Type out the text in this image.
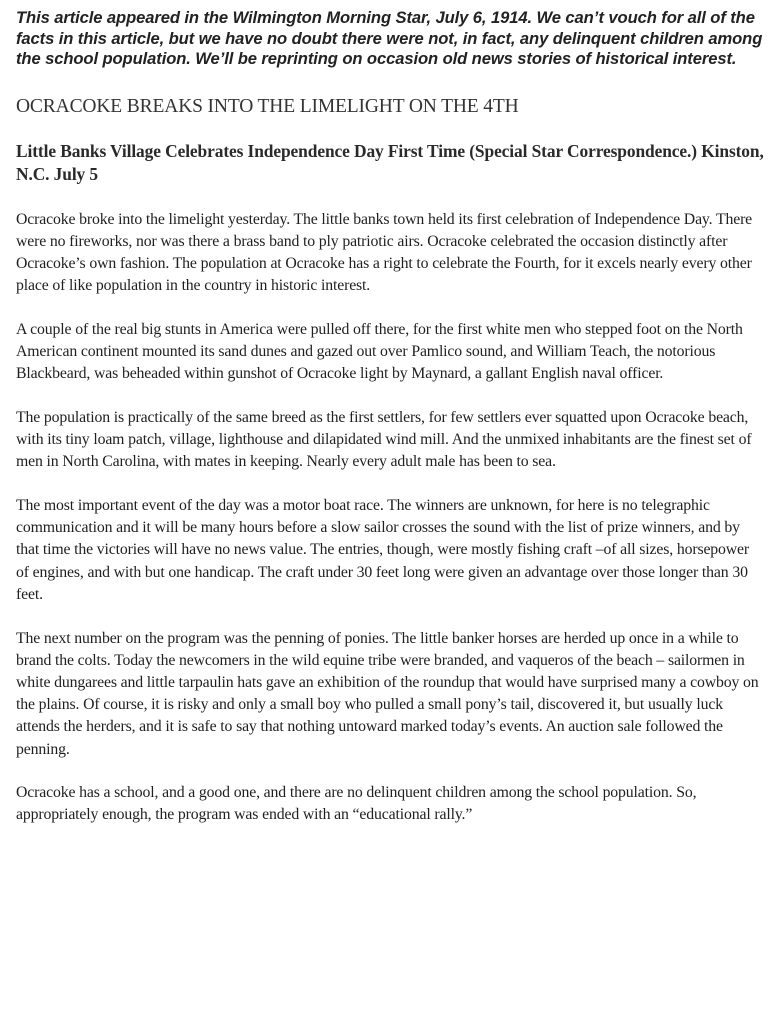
This article appeared in the Wilmington Morning Star, July 6, 1914. We can’t vouch for all of the facts in this article, but we have no doubt there were not, in fact, any delinquent children among the school population. We’ll be reprinting on occasion old news stories of historical interest.

OCRACOKE BREAKS INTO THE LIMELIGHT ON THE 4TH
Little Banks Village Celebrates Independence Day First Time (Special Star Correspondence.) Kinston, N.C. July 5

Ocracoke broke into the limelight yesterday. The little banks town held its first celebration of Independence Day. There were no fireworks, nor was there a brass band to ply patriotic airs. Ocracoke celebrated the occasion distinctly after Ocracoke’s own fashion. The population at Ocracoke has a right to celebrate the Fourth, for it excels nearly every other place of like population in the country in historic interest.

A couple of the real big stunts in America were pulled off there, for the first white men who stepped foot on the North American continent mounted its sand dunes and gazed out over Pamlico sound, and William Teach, the notorious Blackbeard, was beheaded within gunshot of Ocracoke light by Maynard, a gallant English naval officer.

The population is practically of the same breed as the first settlers, for few settlers ever squatted upon Ocracoke beach, with its tiny loam patch, village, lighthouse and dilapidated wind mill. And the unmixed inhabitants are the finest set of men in North Carolina, with mates in keeping. Nearly every adult male has been to sea.

The most important event of the day was a motor boat race. The winners are unknown, for here is no telegraphic communication and it will be many hours before a slow sailor crosses the sound with the list of prize winners, and by that time the victories will have no news value. The entries, though, were mostly fishing craft –of all sizes, horsepower of engines, and with but one handicap. The craft under 30 feet long were given an advantage over those longer than 30 feet.

The next number on the program was the penning of ponies. The little banker horses are herded up once in a while to brand the colts. Today the newcomers in the wild equine tribe were branded, and vaqueros of the beach – sailormen in white dungarees and little tarpaulin hats gave an exhibition of the roundup that would have surprised many a cowboy on the plains. Of course, it is risky and only a small boy who pulled a small pony’s tail, discovered it, but usually luck attends the herders, and it is safe to say that nothing untoward marked today’s events. An auction sale followed the penning.

Ocracoke has a school, and a good one, and there are no delinquent children among the school population. So, appropriately enough, the program was ended with an “educational rally.”
